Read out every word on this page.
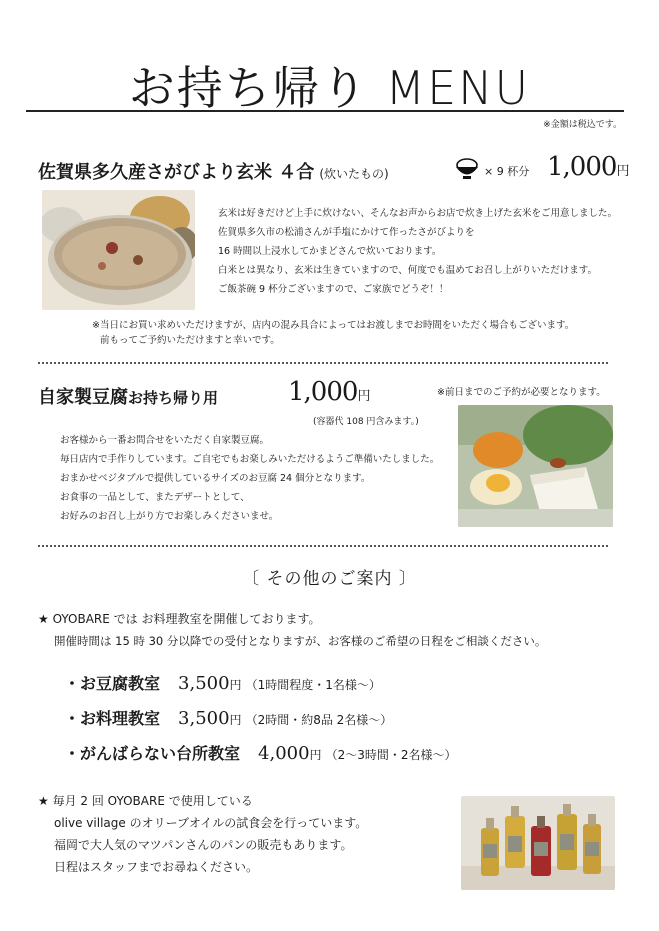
お持ち帰り MENU
※金額は税込です。
佐賀県多久産さがびより玄米 ４合 (炊いたもの)	× 9 杯分 1,000円
玄米は好きだけど上手に炊けない、そんなお声からお店で炊き上げた玄米をご用意しました。
佐賀県多久市の松浦さんが手塩にかけて作ったさがびよりを
16 時間以上浸水してかまどさんで炊いております。
白米とは異なり、玄米は生きていますので、何度でも温めてお召し上がりいただけます。
ご飯茶碗 9 杯分ございますので、ご家族でどうぞ！！
※当日にお買い求めいただけますが、店内の混み具合によってはお渡しまでお時間をいただく場合もございます。
前もってご予約いただけますと幸いです。
自家製豆腐お持ち帰り用	1,000円
(容器代 108 円含みます。)
※前日までのご予約が必要となります。
お客様から一番お問合せをいただく自家製豆腐。
毎日店内で手作りしています。ご自宅でもお楽しみいただけるようご準備いたしました。
おまかせベジタブルで提供しているサイズのお豆腐 24 個分となります。
お食事の一品として、またデザートとして、
お好みのお召し上がり方でお楽しみくださいませ。
〔 その他のご案内 〕
★ OYOBARE では お料理教室を開催しております。
開催時間は 15 時 30 分以降での受付となりますが、お客様のご希望の日程をご相談ください。
・お豆腐教室 3,500円 （1時間程度・1名様～）
・お料理教室 3,500円 （2時間・約8品 2名様～）
・がんばらない台所教室 4,000円 （2～3時間・2名様～）
★ 毎月 2 回 OYOBARE で使用している
olive village のオリーブオイルの試食会を行っています。
福岡で大人気のマツパンさんのパンの販売もあります。
日程はスタッフまでお尋ねください。
